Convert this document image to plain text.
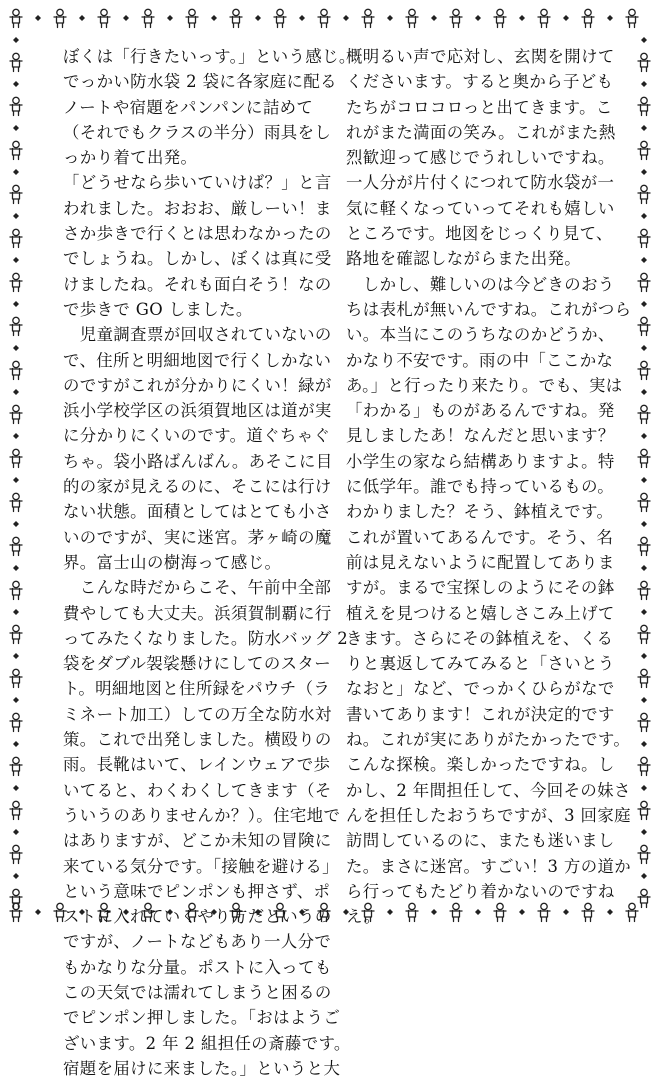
ぼくは「行きたいっす。」という感じ。
でっかい防水袋 2 袋に各家庭に配る
ノートや宿題をパンパンに詰めて
（それでもクラスの半分）雨具をし
っかり着て出発。
「どうせなら歩いていけば？」と言
われました。おおお、厳しーい！ま
さか歩きで行くとは思わなかったの
でしょうね。しかし、ぼくは真に受
けましたね。それも面白そう！なの
で歩きで GO しました。
　児童調査票が回収されていないの
で、住所と明細地図で行くしかない
のですがこれが分かりにくい！緑が
浜小学校学区の浜須賀地区は道が実
に分かりにくいのです。道ぐちゃぐ
ちゃ。袋小路ばんばん。あそこに目
的の家が見えるのに、そこには行け
ない状態。面積としてはとても小さ
いのですが、実に迷宮。茅ヶ崎の魔
界。富士山の樹海って感じ。
　こんな時だからこそ、午前中全部
費やしても大丈夫。浜須賀制覇に行
ってみたくなりました。防水バッグ 2
袋をダブル袈裟懸けにしてのスター
ト。明細地図と住所録をパウチ（ラ
ミネート加工）しての万全な防水対
策。これで出発しました。横殴りの
雨。長靴はいて、レインウェアで歩
いてると、わくわくしてきます（そ
ういうのありませんか？）。住宅地で
はありますが、どこか未知の冒険に
来ている気分です。「接触を避ける」
という意味でピンポンも押さず、ポ
ストに入れていくやり方だというの
ですが、ノートなどもあり一人分で
もかなりな分量。ポストに入っても
この天気では濡れてしまうと困るの
でピンポン押しました。「おはようご
ざいます。2 年 2 組担任の斎藤です。
宿題を届けに来ました。」というと大
概明るい声で応対し、玄関を開けて
くださいます。すると奥から子ども
たちがコロコロっと出てきます。こ
れがまた満面の笑み。これがまた熱
烈歓迎って感じでうれしいですね。
一人分が片付くにつれて防水袋が一
気に軽くなっていってそれも嬉しい
ところです。地図をじっくり見て、
路地を確認しながらまた出発。
　しかし、難しいのは今どきのおう
ちは表札が無いんですね。これがつら
い。本当にこのうちなのかどうか、
かなり不安です。雨の中「ここかな
あ。」と行ったり来たり。でも、実は
「わかる」ものがあるんですね。発
見しましたあ！なんだと思います？
小学生の家なら結構ありますよ。特
に低学年。誰でも持っているもの。
わかりました？そう、鉢植えです。
これが置いてあるんです。そう、名
前は見えないように配置してありま
すが。まるで宝探しのようにその鉢
植えを見つけると嬉しさこみ上げて
きます。さらにその鉢植えを、くる
りと裏返してみてみると「さいとう
なおと」など、でっかくひらがなで
書いてあります！これが決定的です
ね。これが実にありがたかったです。
こんな探検。楽しかったですね。し
かし、2 年間担任して、今回その妹さ
んを担任したおうちですが、3 回家庭
訪問しているのに、またも迷いまし
た。まさに迷宮。すごい！3 方の道か
ら行ってもたどり着かないのですね
え。
